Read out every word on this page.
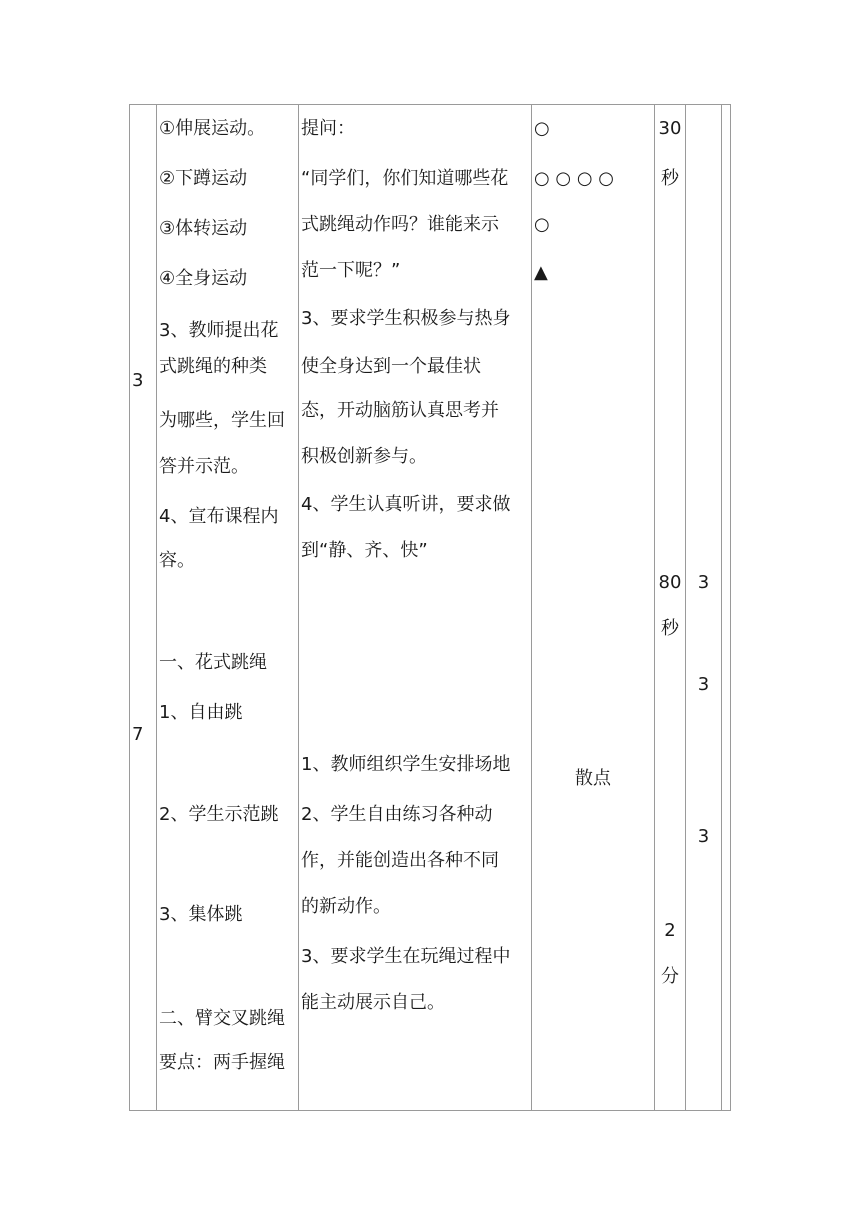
3
7
①伸展运动。
②下蹲运动
③体转运动
④全身运动
3、教师提出花
式跳绳的种类
为哪些，学生回
答并示范。
4、宣布课程内
容。
一、花式跳绳
1、自由跳
2、学生示范跳
3、集体跳
二、臂交叉跳绳
要点：两手握绳
提问：
“同学们，你们知道哪些花
式跳绳动作吗？谁能来示
范一下呢？”
3、要求学生积极参与热身
使全身达到一个最佳状
态，开动脑筋认真思考并
积极创新参与。
4、学生认真听讲，要求做
到“静、齐、快”
1、教师组织学生安排场地
2、学生自由练习各种动
作，并能创造出各种不同
的新动作。
3、要求学生在玩绳过程中
能主动展示自己。
○
○ ○ ○ ○
○
▲
散点
30
秒
80
秒
2
分
3
3
3
